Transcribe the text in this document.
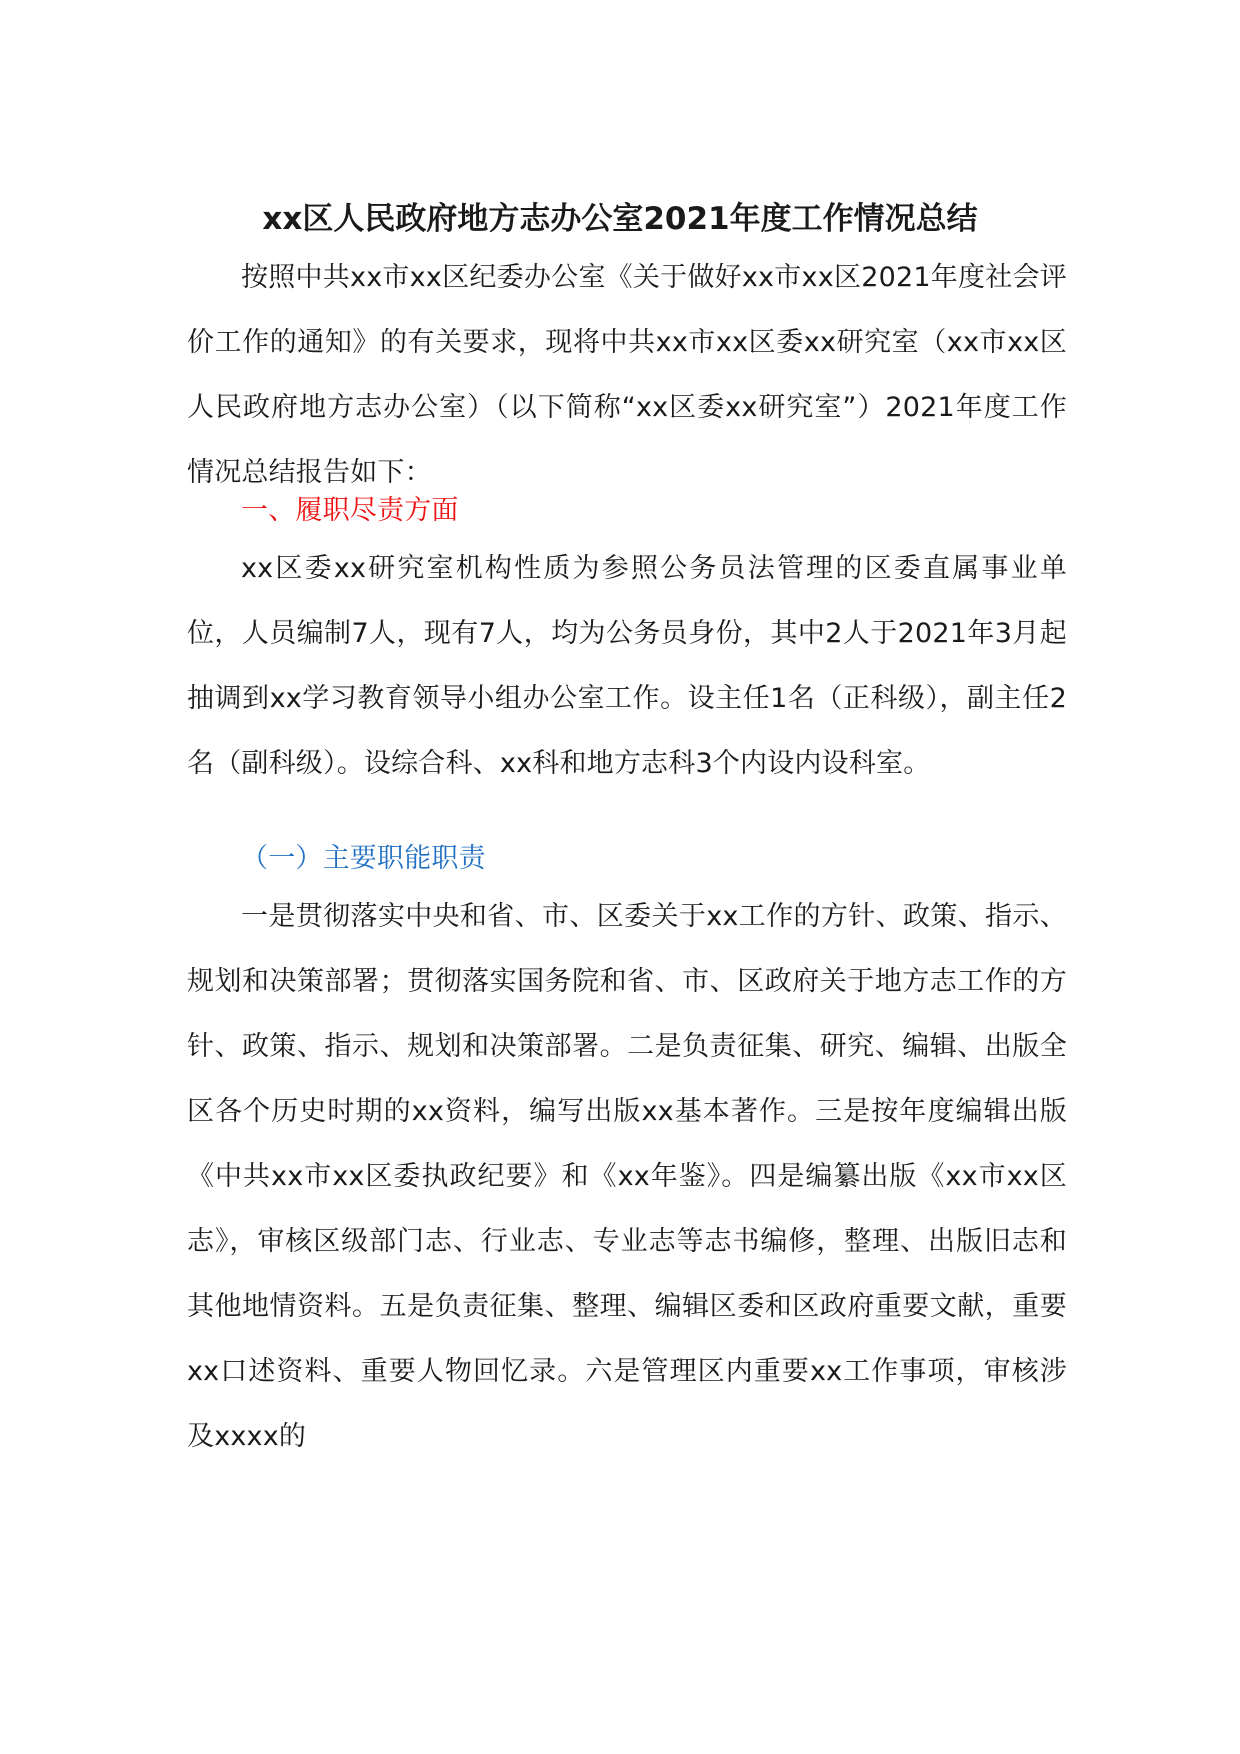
xx区人民政府地方志办公室2021年度工作情况总结

按照中共xx市xx区纪委办公室《关于做好xx市xx区2021年度社会评价工作的通知》的有关要求，现将中共xx市xx区委xx研究室（xx市xx区人民政府地方志办公室）（以下简称“xx区委xx研究室”）2021年度工作情况总结报告如下：

一、履职尽责方面

xx区委xx研究室机构性质为参照公务员法管理的区委直属事业单位，人员编制7人，现有7人，均为公务员身份，其中2人于2021年3月起抽调到xx学习教育领导小组办公室工作。设主任1名（正科级），副主任2名（副科级）。设综合科、xx科和地方志科3个内设内设科室。

（一）主要职能职责

一是贯彻落实中央和省、市、区委关于xx工作的方针、政策、指示、规划和决策部署；贯彻落实国务院和省、市、区政府关于地方志工作的方针、政策、指示、规划和决策部署。二是负责征集、研究、编辑、出版全区各个历史时期的xx资料，编写出版xx基本著作。三是按年度编辑出版《中共xx市xx区委执政纪要》和《xx年鉴》。四是编纂出版《xx市xx区志》，审核区级部门志、行业志、专业志等志书编修，整理、出版旧志和其他地情资料。五是负责征集、整理、编辑区委和区政府重要文献，重要xx口述资料、重要人物回忆录。六是管理区内重要xx工作事项，审核涉及xxxx的
